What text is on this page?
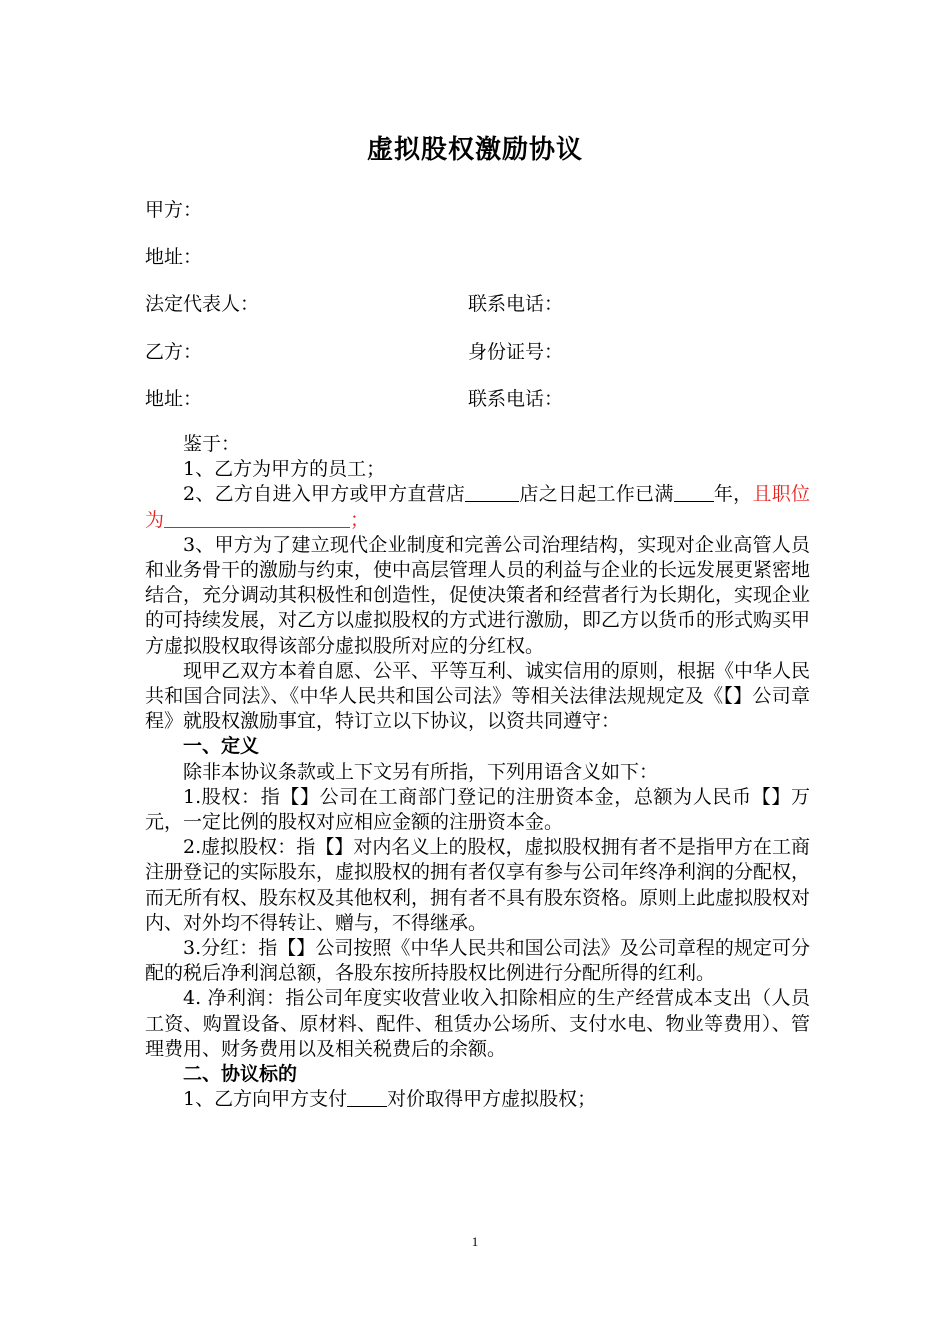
虚拟股权激励协议
甲方：
地址：
法定代表人：	联系电话：
乙方：	身份证号：
地址：	联系电话：

鉴于：

1、乙方为甲方的员工；

2、乙方自进入甲方或甲方直营店	店之日起工作已满 年，且职位为	；

3、甲方为了建立现代企业制度和完善公司治理结构，实现对企业高管人员和业务骨干的激励与约束，使中高层管理人员的利益与企业的长远发展更紧密地结合，充分调动其积极性和创造性，促使决策者和经营者行为长期化，实现企业的可持续发展，对乙方以虚拟股权的方式进行激励，即乙方以货币的形式购买甲方虚拟股权取得该部分虚拟股所对应的分红权。

现甲乙双方本着自愿、公平、平等互利、诚实信用的原则，根据《中华人民共和国合同法》、《中华人民共和国公司法》等相关法律法规规定及《【】公司章程》就股权激励事宜，特订立以下协议，以资共同遵守：

一、定义

除非本协议条款或上下文另有所指，下列用语含义如下：

1.股权：指【】公司在工商部门登记的注册资本金，总额为人民币【】万元，一定比例的股权对应相应金额的注册资本金。

2.虚拟股权：指【】对内名义上的股权，虚拟股权拥有者不是指甲方在工商注册登记的实际股东，虚拟股权的拥有者仅享有参与公司年终净利润的分配权，而无所有权、股东权及其他权利，拥有者不具有股东资格。原则上此虚拟股权对内、对外均不得转让、赠与，不得继承。

3.分红：指【】公司按照《中华人民共和国公司法》及公司章程的规定可分配的税后净利润总额，各股东按所持股权比例进行分配所得的红利。

4. 净利润：指公司年度实收营业收入扣除相应的生产经营成本支出（人员工资、购置设备、原材料、配件、租赁办公场所、支付水电、物业等费用）、管理费用、财务费用以及相关税费后的余额。

二、协议标的

1、乙方向甲方支付 对价取得甲方虚拟股权；

1
